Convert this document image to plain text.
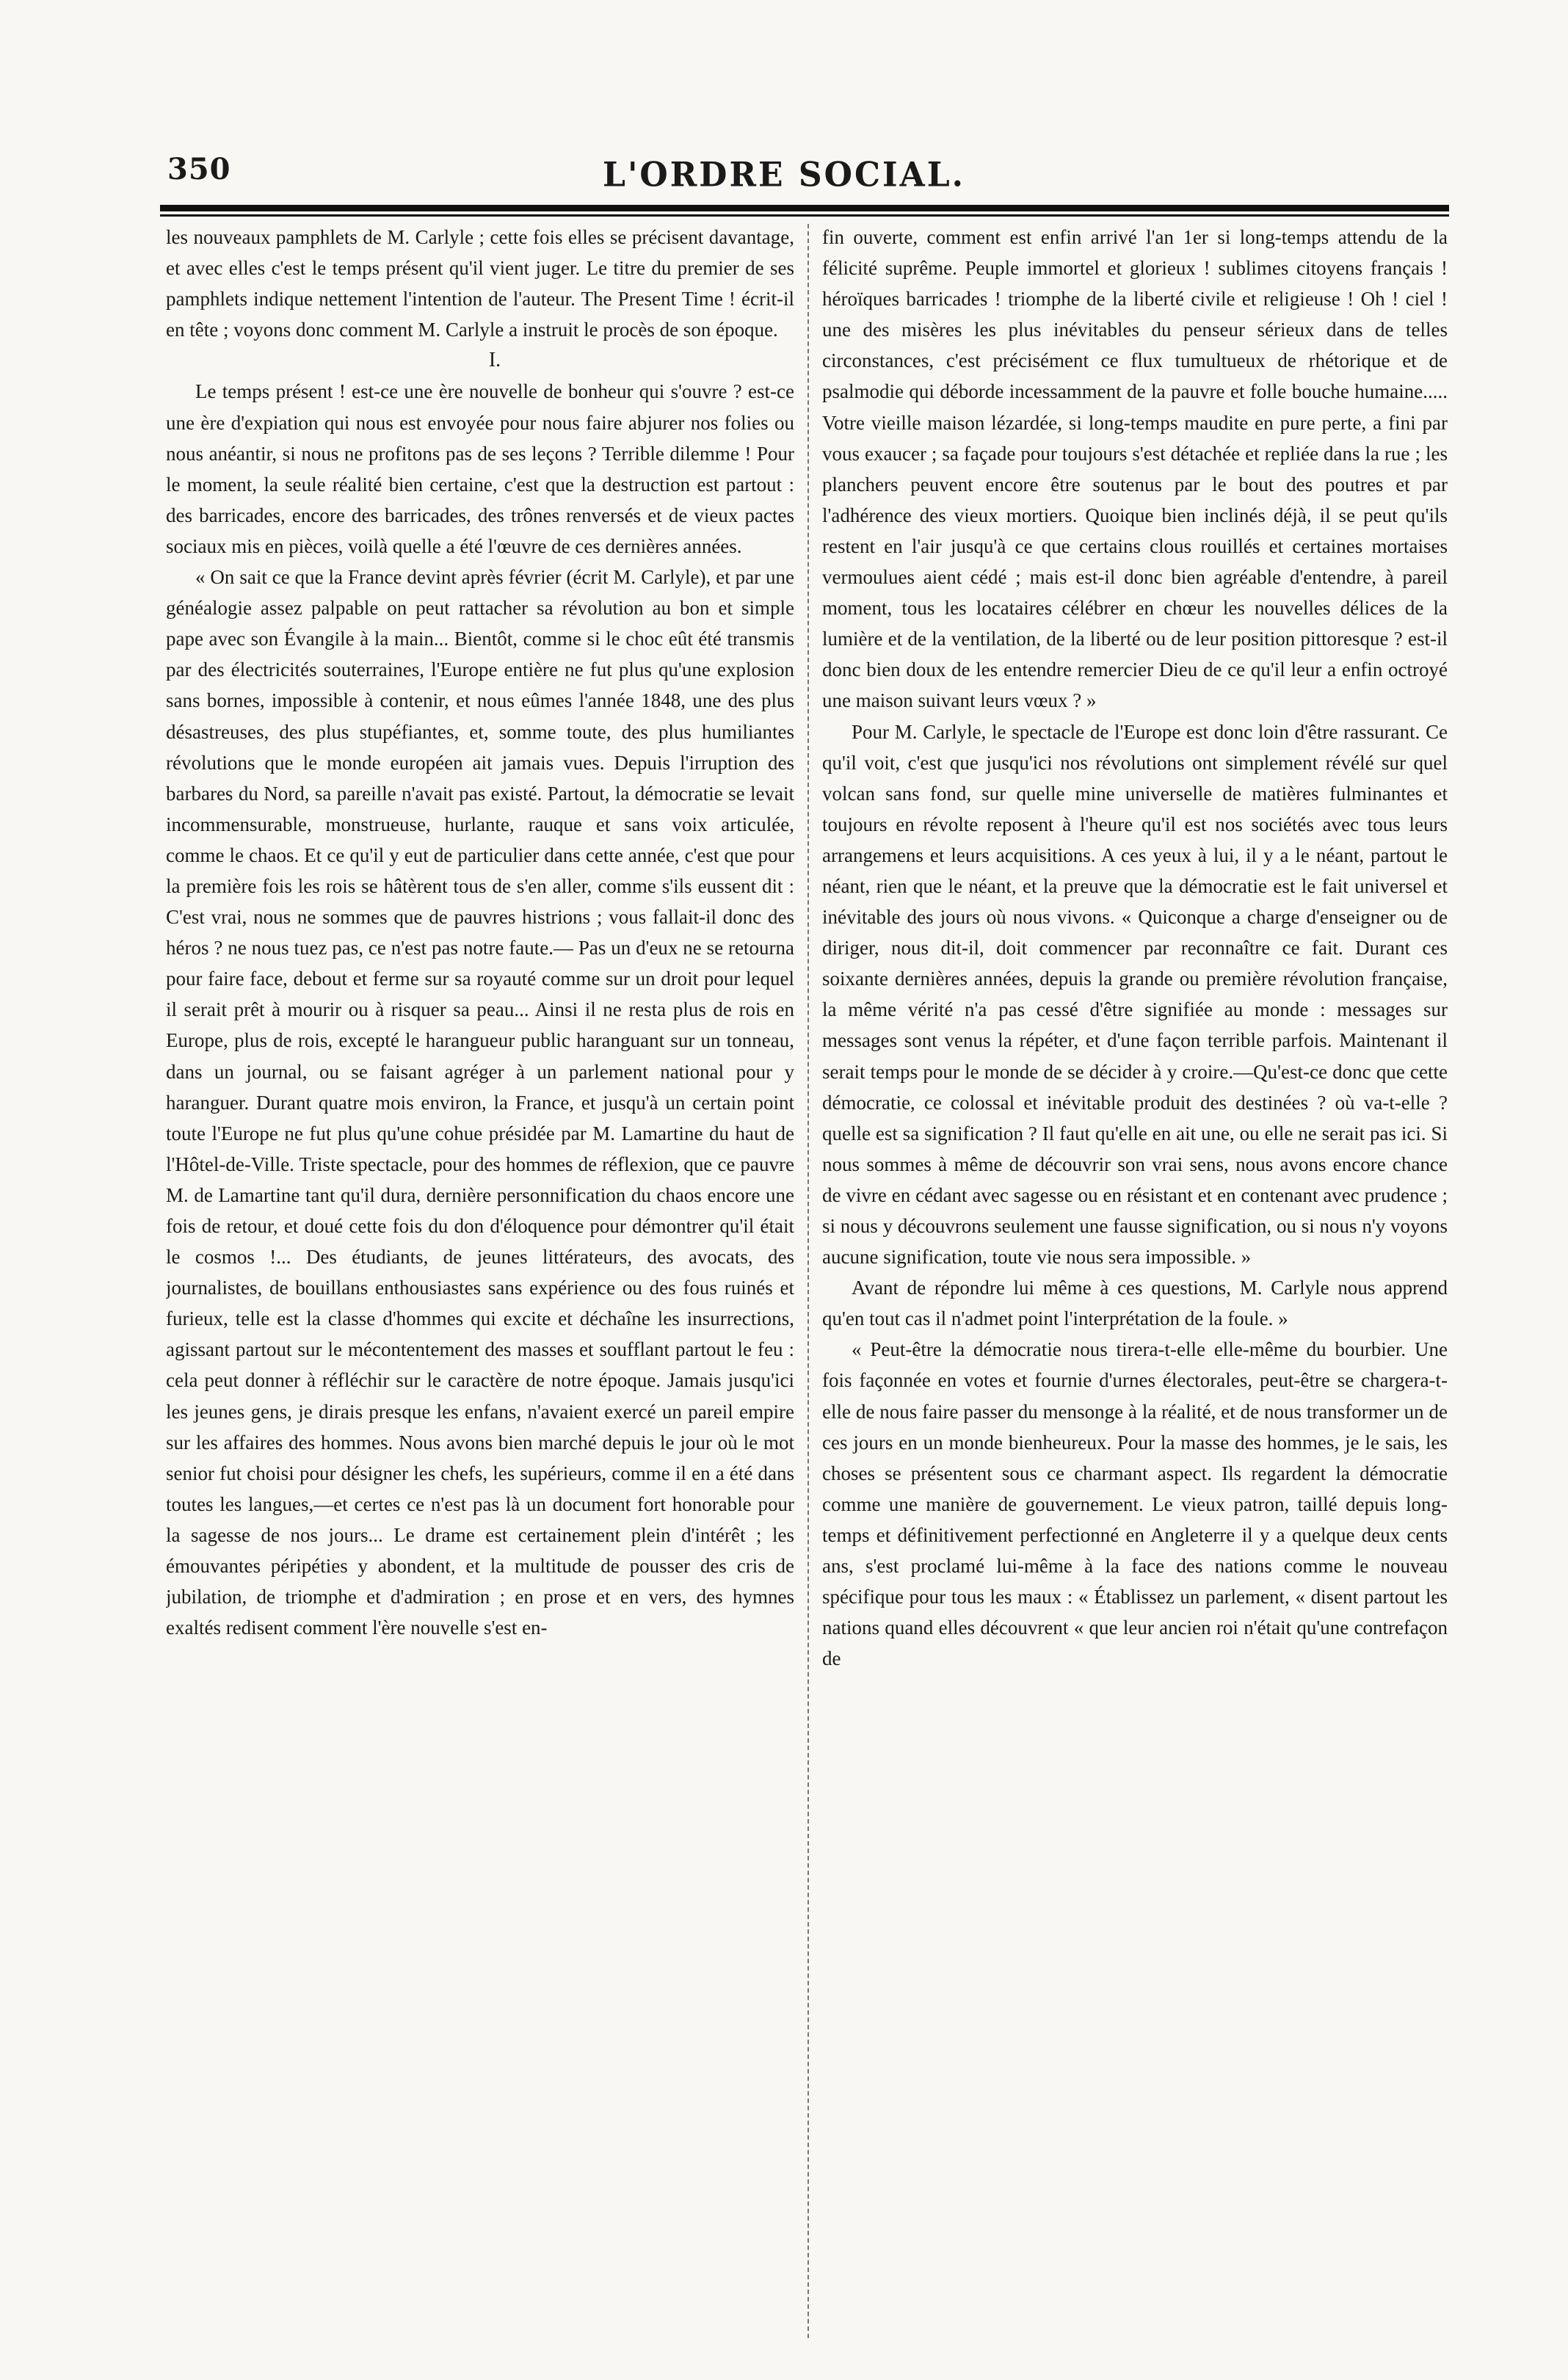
350	L'ORDRE SOCIAL.

les nouveaux pamphlets de M. Carlyle ; cette fois elles se précisent davantage, et avec elles c'est le temps présent qu'il vient juger. Le titre du premier de ses pamphlets indique nettement l'intention de l'auteur. The Present Time ! écrit-il en tête ; voyons donc comment M. Carlyle a instruit le procès de son époque.

I.

Le temps présent ! est-ce une ère nouvelle de bonheur qui s'ouvre ? est-ce une ère d'expiation qui nous est envoyée pour nous faire abjurer nos folies ou nous anéantir, si nous ne profitons pas de ses leçons ? Terrible dilemme ! Pour le moment, la seule réalité bien certaine, c'est que la destruction est partout : des barricades, encore des barricades, des trônes renversés et de vieux pactes sociaux mis en pièces, voilà quelle a été l'œuvre de ces dernières années.

« On sait ce que la France devint après février (écrit M. Carlyle), et par une généalogie assez palpable on peut rattacher sa révolution au bon et simple pape avec son Évangile à la main... Bientôt, comme si le choc eût été transmis par des électricités souterraines, l'Europe entière ne fut plus qu'une explosion sans bornes, impossible à contenir, et nous eûmes l'année 1848, une des plus désastreuses, des plus stupéfiantes, et, somme toute, des plus humiliantes révolutions que le monde européen ait jamais vues. Depuis l'irruption des barbares du Nord, sa pareille n'avait pas existé. Partout, la démocratie se levait incommensurable, monstrueuse, hurlante, rauque et sans voix articulée, comme le chaos. Et ce qu'il y eut de particulier dans cette année, c'est que pour la première fois les rois se hâtèrent tous de s'en aller, comme s'ils eussent dit : C'est vrai, nous ne sommes que de pauvres histrions ; vous fallait-il donc des héros ? ne nous tuez pas, ce n'est pas notre faute.— Pas un d'eux ne se retourna pour faire face, debout et ferme sur sa royauté comme sur un droit pour lequel il serait prêt à mourir ou à risquer sa peau... Ainsi il ne resta plus de rois en Europe, plus de rois, excepté le harangueur public haranguant sur un tonneau, dans un journal, ou se faisant agréger à un parlement national pour y haranguer. Durant quatre mois environ, la France, et jusqu'à un certain point toute l'Europe ne fut plus qu'une cohue présidée par M. Lamartine du haut de l'Hôtel-de-Ville. Triste spectacle, pour des hommes de réflexion, que ce pauvre M. de Lamartine tant qu'il dura, dernière personnification du chaos encore une fois de retour, et doué cette fois du don d'éloquence pour démontrer qu'il était le cosmos !... Des étudiants, de jeunes littérateurs, des avocats, des journalistes, de bouillans enthousiastes sans expérience ou des fous ruinés et furieux, telle est la classe d'hommes qui excite et déchaîne les insurrections, agissant partout sur le mécontentement des masses et soufflant partout le feu : cela peut donner à réfléchir sur le caractère de notre époque. Jamais jusqu'ici les jeunes gens, je dirais presque les enfans, n'avaient exercé un pareil empire sur les affaires des hommes. Nous avons bien marché depuis le jour où le mot senior fut choisi pour désigner les chefs, les supérieurs, comme il en a été dans toutes les langues,—et certes ce n'est pas là un document fort honorable pour la sagesse de nos jours... Le drame est certainement plein d'intérêt ; les émouvantes péripéties y abondent, et la multitude de pousser des cris de jubilation, de triomphe et d'admiration ; en prose et en vers, des hymnes exaltés redisent comment l'ère nouvelle s'est en-

fin ouverte, comment est enfin arrivé l'an 1er si long-temps attendu de la félicité suprême. Peuple immortel et glorieux ! sublimes citoyens français ! héroïques barricades ! triomphe de la liberté civile et religieuse ! Oh ! ciel ! une des misères les plus inévitables du penseur sérieux dans de telles circonstances, c'est précisément ce flux tumultueux de rhétorique et de psalmodie qui déborde incessamment de la pauvre et folle bouche humaine..... Votre vieille maison lézardée, si long-temps maudite en pure perte, a fini par vous exaucer ; sa façade pour toujours s'est détachée et repliée dans la rue ; les planchers peuvent encore être soutenus par le bout des poutres et par l'adhérence des vieux mortiers. Quoique bien inclinés déjà, il se peut qu'ils restent en l'air jusqu'à ce que certains clous rouillés et certaines mortaises vermoulues aient cédé ; mais est-il donc bien agréable d'entendre, à pareil moment, tous les locataires célébrer en chœur les nouvelles délices de la lumière et de la ventilation, de la liberté ou de leur position pittoresque ? est-il donc bien doux de les entendre remercier Dieu de ce qu'il leur a enfin octroyé une maison suivant leurs vœux ? »

Pour M. Carlyle, le spectacle de l'Europe est donc loin d'être rassurant. Ce qu'il voit, c'est que jusqu'ici nos révolutions ont simplement révélé sur quel volcan sans fond, sur quelle mine universelle de matières fulminantes et toujours en révolte reposent à l'heure qu'il est nos sociétés avec tous leurs arrangemens et leurs acquisitions. A ces yeux à lui, il y a le néant, partout le néant, rien que le néant, et la preuve que la démocratie est le fait universel et inévitable des jours où nous vivons. « Quiconque a charge d'enseigner ou de diriger, nous dit-il, doit commencer par reconnaître ce fait. Durant ces soixante dernières années, depuis la grande ou première révolution française, la même vérité n'a pas cessé d'être signifiée au monde : messages sur messages sont venus la répéter, et d'une façon terrible parfois. Maintenant il serait temps pour le monde de se décider à y croire.—Qu'est-ce donc que cette démocratie, ce colossal et inévitable produit des destinées ? où va-t-elle ? quelle est sa signification ? Il faut qu'elle en ait une, ou elle ne serait pas ici. Si nous sommes à même de découvrir son vrai sens, nous avons encore chance de vivre en cédant avec sagesse ou en résistant et en contenant avec prudence ; si nous y découvrons seulement une fausse signification, ou si nous n'y voyons aucune signification, toute vie nous sera impossible. »

Avant de répondre lui même à ces questions, M. Carlyle nous apprend qu'en tout cas il n'admet point l'interprétation de la foule. »

« Peut-être la démocratie nous tirera-t-elle elle-même du bourbier. Une fois façonnée en votes et fournie d'urnes électorales, peut-être se chargera-t-elle de nous faire passer du mensonge à la réalité, et de nous transformer un de ces jours en un monde bienheureux. Pour la masse des hommes, je le sais, les choses se présentent sous ce charmant aspect. Ils regardent la démocratie comme une manière de gouvernement. Le vieux patron, taillé depuis long-temps et définitivement perfectionné en Angleterre il y a quelque deux cents ans, s'est proclamé lui-même à la face des nations comme le nouveau spécifique pour tous les maux : « Établissez un parlement, « disent partout les nations quand elles découvrent « que leur ancien roi n'était qu'une contrefaçon de
